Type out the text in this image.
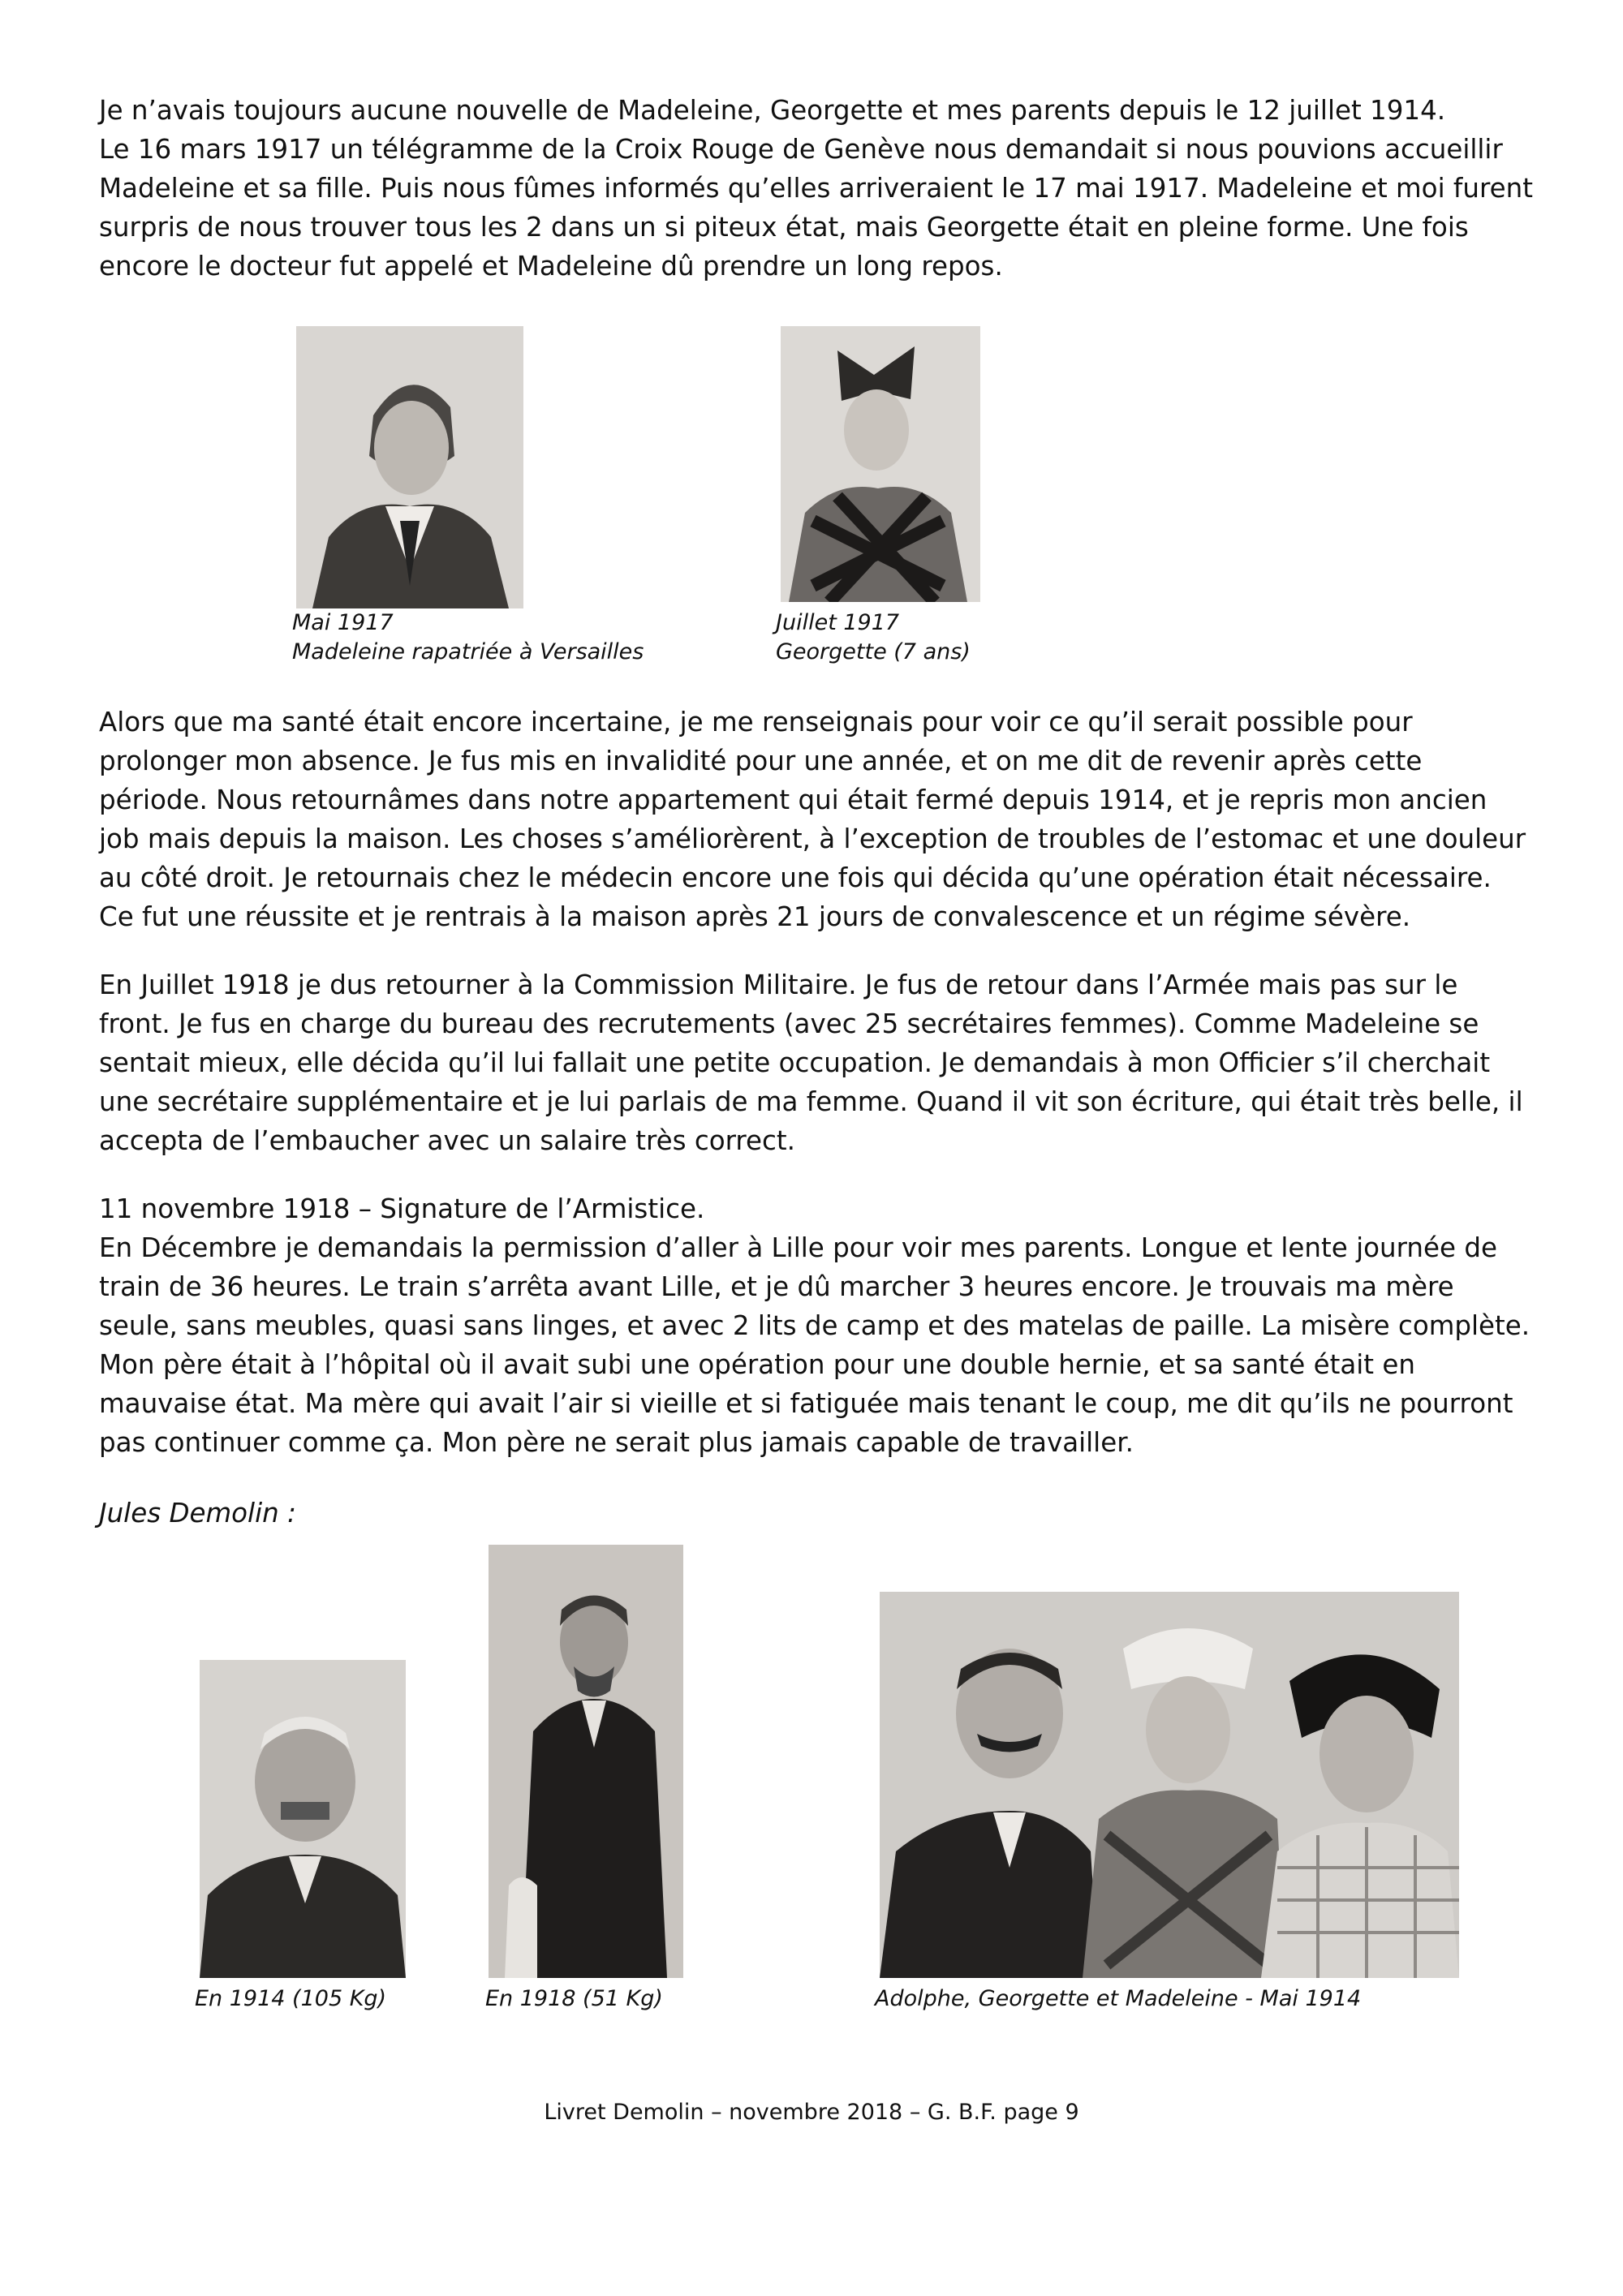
Je n’avais toujours aucune nouvelle de Madeleine, Georgette et mes parents depuis le 12 juillet 1914.
Le 16 mars 1917 un télégramme de la Croix Rouge de Genève nous demandait si nous pouvions accueillir
Madeleine et sa fille. Puis nous fûmes informés qu’elles arriveraient le 17 mai 1917. Madeleine et moi furent
surpris de nous trouver tous les 2 dans un si piteux état, mais Georgette était en pleine forme. Une fois
encore le docteur fut appelé et Madeleine dû prendre un long repos.
Mai 1917
Madeleine rapatriée à Versailles
Juillet 1917
Georgette (7 ans)
Alors que ma santé était encore incertaine, je me renseignais pour voir ce qu’il serait possible pour
prolonger mon absence. Je fus mis en invalidité pour une année, et on me dit de revenir après cette
période. Nous retournâmes dans notre appartement qui était fermé depuis 1914, et je repris mon ancien
job mais depuis la maison. Les choses s’améliorèrent, à l’exception de troubles de l’estomac et une douleur
au côté droit. Je retournais chez le médecin encore une fois qui décida qu’une opération était nécessaire.
Ce fut une réussite et je rentrais à la maison après 21 jours de convalescence et un régime sévère.
En Juillet 1918 je dus retourner à la Commission Militaire. Je fus de retour dans l’Armée mais pas sur le
front. Je fus en charge du bureau des recrutements (avec 25 secrétaires femmes). Comme Madeleine se
sentait mieux, elle décida qu’il lui fallait une petite occupation. Je demandais à mon Officier s’il cherchait
une secrétaire supplémentaire et je lui parlais de ma femme. Quand il vit son écriture, qui était très belle, il
accepta de l’embaucher avec un salaire très correct.
11 novembre 1918 – Signature de l’Armistice.
En Décembre je demandais la permission d’aller à Lille pour voir mes parents. Longue et lente journée de
train de 36 heures. Le train s’arrêta avant Lille, et je dû marcher 3 heures encore. Je trouvais ma mère
seule, sans meubles, quasi sans linges, et avec 2 lits de camp et des matelas de paille. La misère complète.
Mon père était à l’hôpital où il avait subi une opération pour une double hernie, et sa santé était en
mauvaise état. Ma mère qui avait l’air si vieille et si fatiguée mais tenant le coup, me dit qu’ils ne pourront
pas continuer comme ça. Mon père ne serait plus jamais capable de travailler.
Jules Demolin :
En 1914 (105 Kg)	En 1918 (51 Kg)	Adolphe, Georgette et Madeleine - Mai 1914
Livret Demolin – novembre 2018 – G. B.F. page 9
